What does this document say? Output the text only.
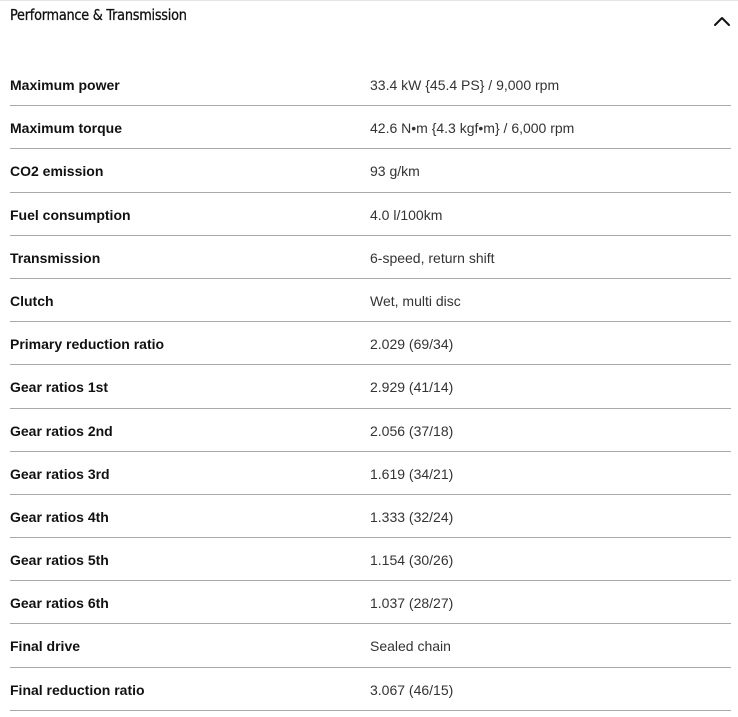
Performance & Transmission
Maximum power	33.4 kW {45.4 PS} / 9,000 rpm
Maximum torque	42.6 N•m {4.3 kgf•m} / 6,000 rpm
CO2 emission	93 g/km
Fuel consumption	4.0 l/100km
Transmission	6-speed, return shift
Clutch	Wet, multi disc
Primary reduction ratio	2.029 (69/34)
Gear ratios 1st	2.929 (41/14)
Gear ratios 2nd	2.056 (37/18)
Gear ratios 3rd	1.619 (34/21)
Gear ratios 4th	1.333 (32/24)
Gear ratios 5th	1.154 (30/26)
Gear ratios 6th	1.037 (28/27)
Final drive	Sealed chain
Final reduction ratio	3.067 (46/15)
